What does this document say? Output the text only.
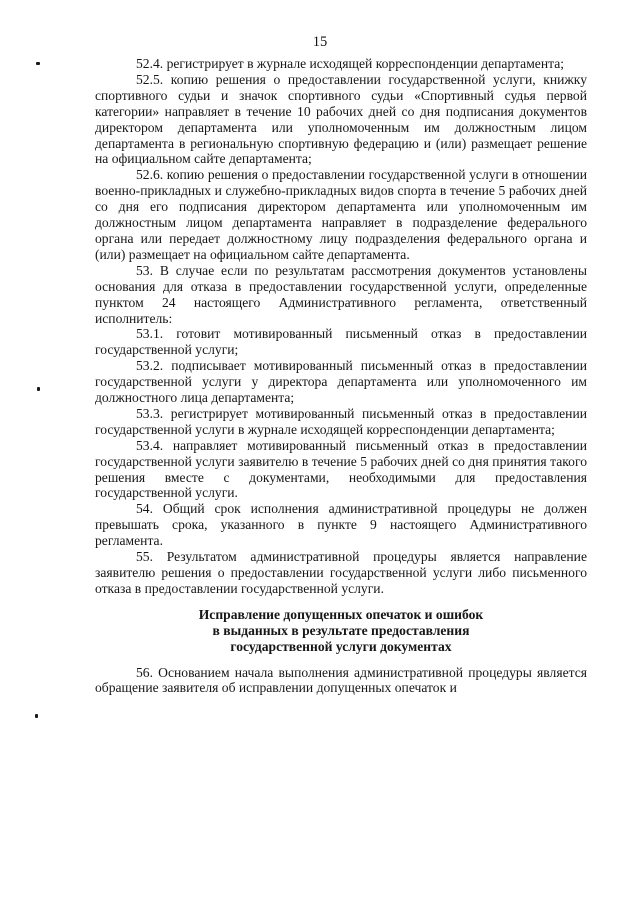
15

52.4. регистрирует в журнале исходящей корреспонденции департамента;

52.5. копию решения о предоставлении государственной услуги, книжку спортивного судьи и значок спортивного судьи «Спортивный судья первой категории» направляет в течение 10 рабочих дней со дня подписания документов директором департамента или уполномоченным им должностным лицом департамента в региональную спортивную федерацию и (или) размещает решение на официальном сайте департамента;

52.6. копию решения о предоставлении государственной услуги в отношении военно-прикладных и служебно-прикладных видов спорта в течение 5 рабочих дней со дня его подписания директором департамента или уполномоченным им должностным лицом департамента направляет в подразделение федерального органа или передает должностному лицу подразделения федерального органа и (или) размещает на официальном сайте департамента.

53. В случае если по результатам рассмотрения документов установлены основания для отказа в предоставлении государственной услуги, определенные пунктом 24 настоящего Административного регламента, ответственный исполнитель:

53.1. готовит мотивированный письменный отказ в предоставлении государственной услуги;

53.2. подписывает мотивированный письменный отказ в предоставлении государственной услуги у директора департамента или уполномоченного им должностного лица департамента;

53.3. регистрирует мотивированный письменный отказ в предоставлении государственной услуги в журнале исходящей корреспонденции департамента;

53.4. направляет мотивированный письменный отказ в предоставлении государственной услуги заявителю в течение 5 рабочих дней со дня принятия такого решения вместе с документами, необходимыми для предоставления государственной услуги.

54. Общий срок исполнения административной процедуры не должен превышать срока, указанного в пункте 9 настоящего Административного регламента.

55. Результатом административной процедуры является направление заявителю решения о предоставлении государственной услуги либо письменного отказа в предоставлении государственной услуги.

Исправление допущенных опечаток и ошибок
в выданных в результате предоставления
государственной услуги документах

56. Основанием начала выполнения административной процедуры является обращение заявителя об исправлении допущенных опечаток и
